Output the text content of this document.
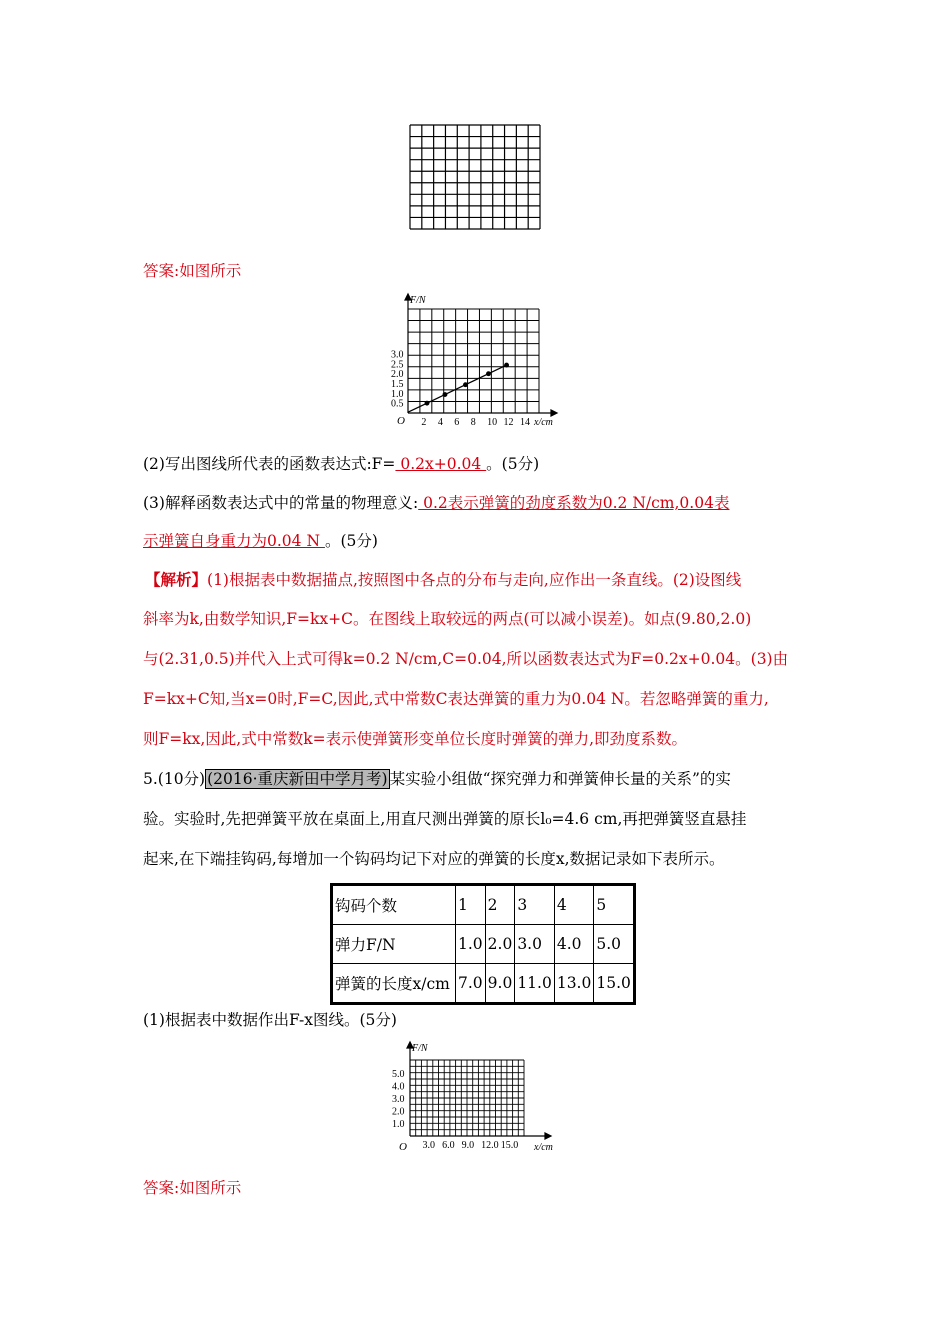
答案:如图所示
F/N
x/cm
O
3.0
2.5
2.0
1.5
1.0
0.5
2 4 6 8 10 12 14
(2)写出图线所代表的函数表达式:F= 0.2x+0.04 。(5分)
(3)解释函数表达式中的常量的物理意义: 0.2表示弹簧的劲度系数为0.2 N/cm,0.04表
示弹簧自身重力为0.04 N 。(5分)
【解析】(1)根据表中数据描点,按照图中各点的分布与走向,应作出一条直线。(2)设图线
斜率为k,由数学知识,F=kx+C。在图线上取较远的两点(可以减小误差)。如点(9.80,2.0)
与(2.31,0.5)并代入上式可得k=0.2 N/cm,C=0.04,所以函数表达式为F=0.2x+0.04。(3)由
F=kx+C知,当x=0时,F=C,因此,式中常数C表达弹簧的重力为0.04 N。若忽略弹簧的重力,
则F=kx,因此,式中常数k=表示使弹簧形变单位长度时弹簧的弹力,即劲度系数。
5.(10分) (2016·重庆新田中学月考) 某实验小组做“探究弹力和弹簧伸长量的关系”的实
验。实验时,先把弹簧平放在桌面上,用直尺测出弹簧的原长l₀=4.6 cm,再把弹簧竖直悬挂
起来,在下端挂钩码,每增加一个钩码均记下对应的弹簧的长度x,数据记录如下表所示。
钩码个数	1	2	3	4	5
弹力F/N	1.0	2.0	3.0	4.0	5.0
弹簧的长度x/cm	7.0	9.0	11.0	13.0	15.0
(1)根据表中数据作出F-x图线。(5分)
F/N
x/cm
O
5.0
4.0
3.0
2.0
1.0
3.0 6.0 9.0 12.0 15.0
答案:如图所示
